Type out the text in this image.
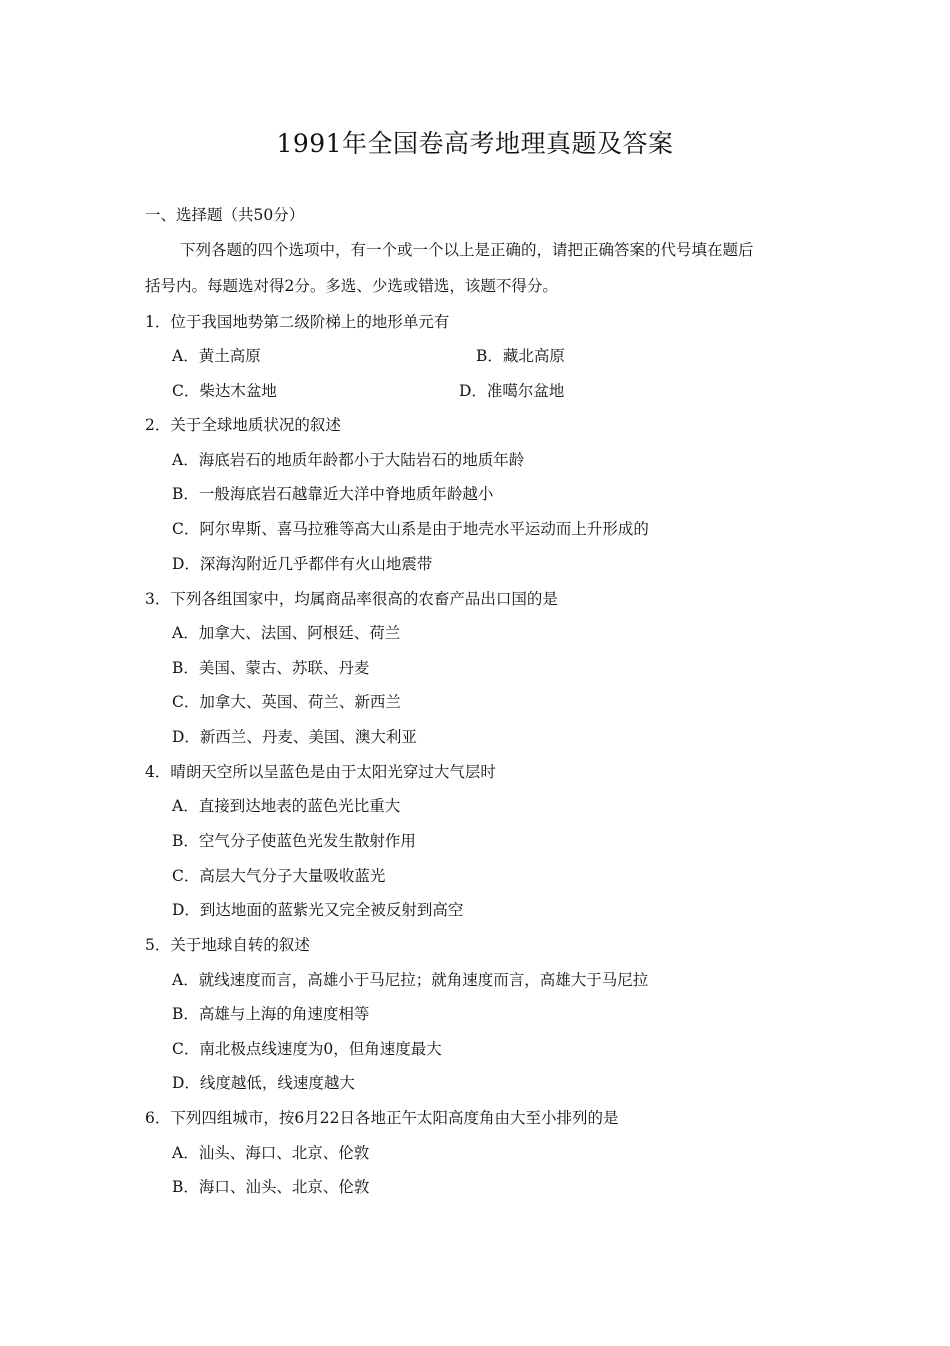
1991年全国卷高考地理真题及答案
一、选择题（共50分）
下列各题的四个选项中，有一个或一个以上是正确的，请把正确答案的代号填在题后
括号内。每题选对得2分。多选、少选或错选，该题不得分。
1．位于我国地势第二级阶梯上的地形单元有
A．黄土高原	B．藏北高原
C．柴达木盆地	D．准噶尔盆地
2．关于全球地质状况的叙述
A．海底岩石的地质年龄都小于大陆岩石的地质年龄
B．一般海底岩石越靠近大洋中脊地质年龄越小
C．阿尔卑斯、喜马拉雅等高大山系是由于地壳水平运动而上升形成的
D．深海沟附近几乎都伴有火山地震带
3．下列各组国家中，均属商品率很高的农畜产品出口国的是
A．加拿大、法国、阿根廷、荷兰
B．美国、蒙古、苏联、丹麦
C．加拿大、英国、荷兰、新西兰
D．新西兰、丹麦、美国、澳大利亚
4．晴朗天空所以呈蓝色是由于太阳光穿过大气层时
A．直接到达地表的蓝色光比重大
B．空气分子使蓝色光发生散射作用
C．高层大气分子大量吸收蓝光
D．到达地面的蓝紫光又完全被反射到高空
5．关于地球自转的叙述
A．就线速度而言，高雄小于马尼拉；就角速度而言，高雄大于马尼拉
B．高雄与上海的角速度相等
C．南北极点线速度为0，但角速度最大
D．线度越低，线速度越大
6．下列四组城市，按6月22日各地正午太阳高度角由大至小排列的是
A．汕头、海口、北京、伦敦
B．海口、汕头、北京、伦敦
